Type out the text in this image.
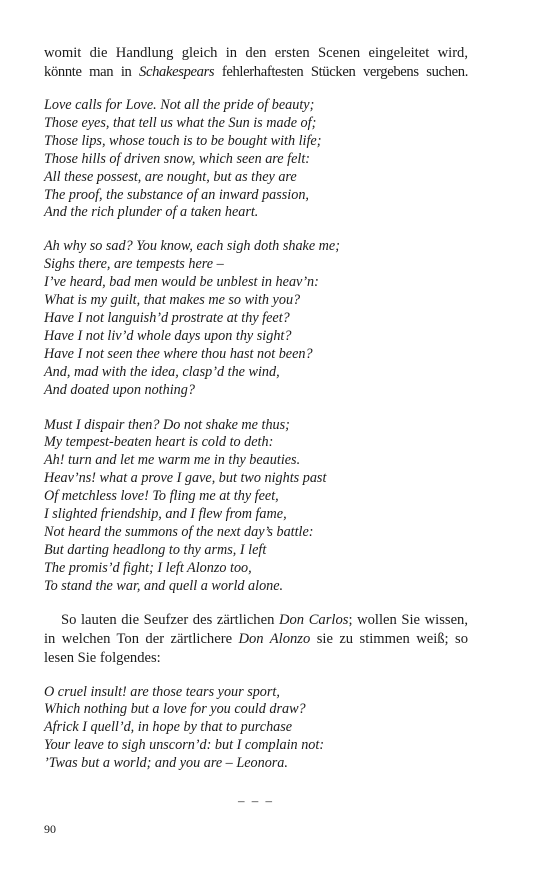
womit die Handlung gleich in den ersten Scenen eingeleitet wird,
könnte man in Schakespears fehlerhaftesten Stücken vergebens suchen.

Love calls for Love. Not all the pride of beauty;
Those eyes, that tell us what the Sun is made of;
Those lips, whose touch is to be bought with life;
Those hills of driven snow, which seen are felt:
All these possest, are nought, but as they are
The proof, the substance of an inward passion,
And the rich plunder of a taken heart.
Ah why so sad? You know, each sigh doth shake me;
Sighs there, are tempests here –
I’ve heard, bad men would be unblest in heav’n:
What is my guilt, that makes me so with you?
Have I not languish’d prostrate at thy feet?
Have I not liv’d whole days upon thy sight?
Have I not seen thee where thou hast not been?
And, mad with the idea, clasp’d the wind,
And doated upon nothing?
Must I dispair then? Do not shake me thus;
My tempest-beaten heart is cold to deth:
Ah! turn and let me warm me in thy beauties.
Heav’ns! what a prove I gave, but two nights past
Of metchless love! To fling me at thy feet,
I slighted friendship, and I flew from fame,
Not heard the summons of the next day’s battle:
But darting headlong to thy arms, I left
The promis’d fight; I left Alonzo too,
To stand the war, and quell a world alone.

So lauten die Seufzer des zärtlichen Don Carlos; wollen Sie wissen,
in welchen Ton der zärtlichere Don Alonzo sie zu stimmen weiß; so
lesen Sie folgendes:

O cruel insult! are those tears your sport,
Which nothing but a love for you could draw?
Africk I quell’d, in hope by that to purchase
Your leave to sigh unscorn’d: but I complain not:
’Twas but a world; and you are – Leonora.
– – –
90
